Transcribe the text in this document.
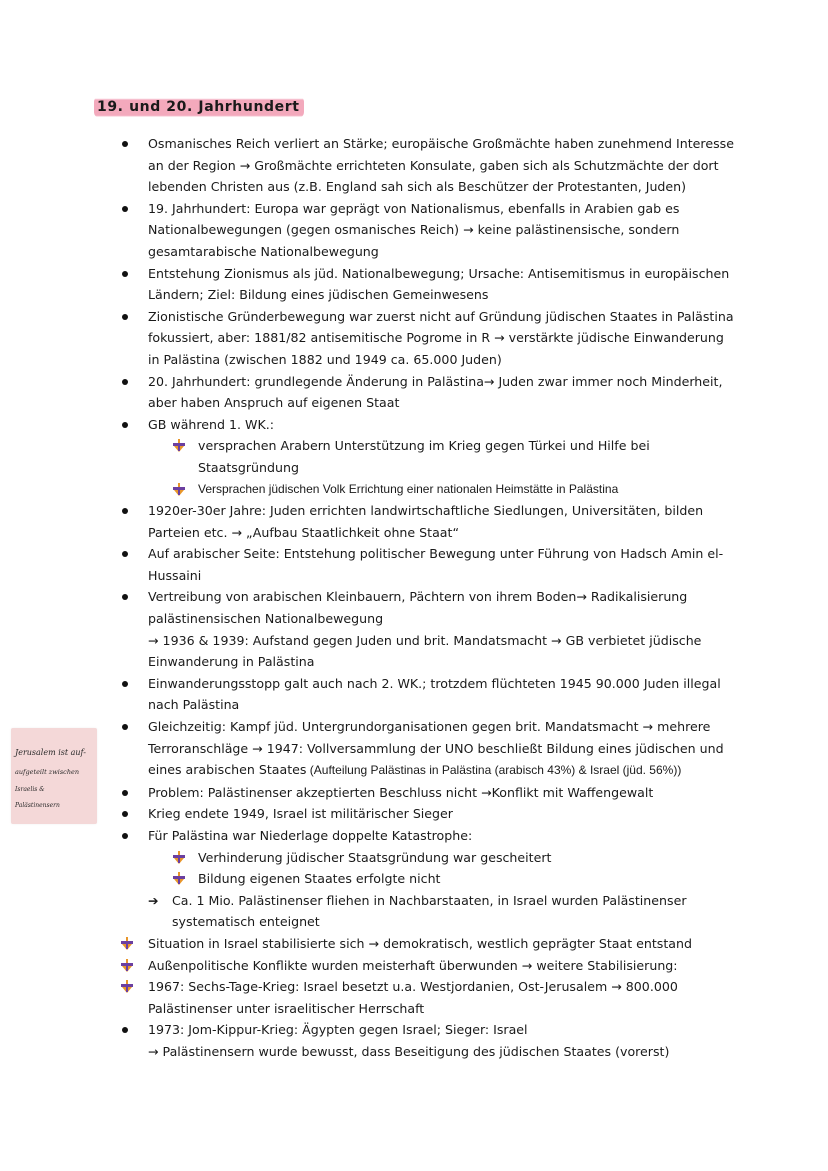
19. und 20. Jahrhundert
Osmanisches Reich verliert an Stärke; europäische Großmächte haben zunehmend Interesse
an der Region → Großmächte errichteten Konsulate, gaben sich als Schutzmächte der dort
lebenden Christen aus (z.B. England sah sich als Beschützer der Protestanten, Juden)
19. Jahrhundert: Europa war geprägt von Nationalismus, ebenfalls in Arabien gab es
Nationalbewegungen (gegen osmanisches Reich) → keine palästinensische, sondern
gesamtarabische Nationalbewegung
Entstehung Zionismus als jüd. Nationalbewegung; Ursache: Antisemitismus in europäischen
Ländern; Ziel: Bildung eines jüdischen Gemeinwesens
Zionistische Gründerbewegung war zuerst nicht auf Gründung jüdischen Staates in Palästina
fokussiert, aber: 1881/82 antisemitische Pogrome in R → verstärkte jüdische Einwanderung
in Palästina (zwischen 1882 und 1949 ca. 65.000 Juden)
20. Jahrhundert: grundlegende Änderung in Palästina→ Juden zwar immer noch Minderheit,
aber haben Anspruch auf eigenen Staat
GB während 1. WK.:
versprachen Arabern Unterstützung im Krieg gegen Türkei und Hilfe bei
Staatsgründung
Versprachen jüdischen Volk Errichtung einer nationalen Heimstätte in Palästina
1920er-30er Jahre: Juden errichten landwirtschaftliche Siedlungen, Universitäten, bilden
Parteien etc. → „Aufbau Staatlichkeit ohne Staat“
Auf arabischer Seite: Entstehung politischer Bewegung unter Führung von Hadsch Amin el-
Hussaini
Vertreibung von arabischen Kleinbauern, Pächtern von ihrem Boden→ Radikalisierung
palästinensischen Nationalbewegung
→ 1936 & 1939: Aufstand gegen Juden und brit. Mandatsmacht → GB verbietet jüdische
Einwanderung in Palästina
Einwanderungsstopp galt auch nach 2. WK.; trotzdem flüchteten 1945 90.000 Juden illegal
nach Palästina
Gleichzeitig: Kampf jüd. Untergrundorganisationen gegen brit. Mandatsmacht → mehrere
Terroranschläge → 1947: Vollversammlung der UNO beschließt Bildung eines jüdischen und
eines arabischen Staates (Aufteilung Palästinas in Palästina (arabisch 43%) & Israel (jüd. 56%))
Problem: Palästinenser akzeptierten Beschluss nicht →Konflikt mit Waffengewalt
Krieg endete 1949, Israel ist militärischer Sieger
Für Palästina war Niederlage doppelte Katastrophe:
Verhinderung jüdischer Staatsgründung war gescheitert
Bildung eigenen Staates erfolgte nicht
➔ Ca. 1 Mio. Palästinenser fliehen in Nachbarstaaten, in Israel wurden Palästinenser
systematisch enteignet
Situation in Israel stabilisierte sich → demokratisch, westlich geprägter Staat entstand
Außenpolitische Konflikte wurden meisterhaft überwunden → weitere Stabilisierung:
1967: Sechs-Tage-Krieg: Israel besetzt u.a. Westjordanien, Ost-Jerusalem → 800.000
Palästinenser unter israelitischer Herrschaft
1973: Jom-Kippur-Krieg: Ägypten gegen Israel; Sieger: Israel
→ Palästinensern wurde bewusst, dass Beseitigung des jüdischen Staates (vorerst)
Jerusalem ist auf-
aufgeteilt zwischen
Israelis &
Palästinensern
